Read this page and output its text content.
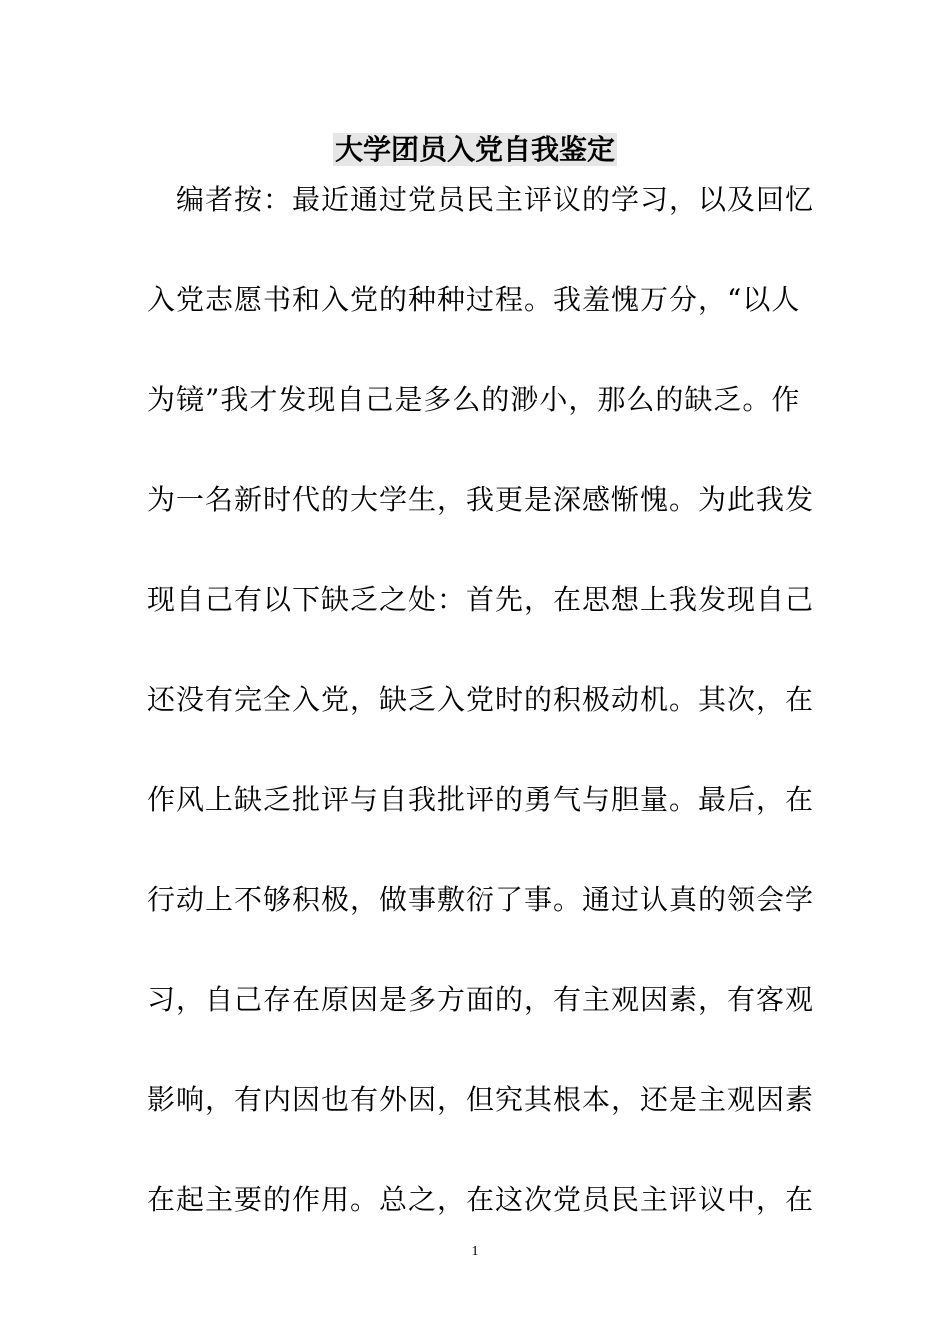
大学团员入党自我鉴定
　编者按：最近通过党员民主评议的学习，以及回忆
入党志愿书和入党的种种过程。我羞愧万分，“以人
为镜”我才发现自己是多么的渺小，那么的缺乏。作
为一名新时代的大学生，我更是深感惭愧。为此我发
现自己有以下缺乏之处：首先，在思想上我发现自己
还没有完全入党，缺乏入党时的积极动机。其次，在
作风上缺乏批评与自我批评的勇气与胆量。最后，在
行动上不够积极，做事敷衍了事。通过认真的领会学
习，自己存在原因是多方面的，有主观因素，有客观
影响，有内因也有外因，但究其根本，还是主观因素
在起主要的作用。总之，在这次党员民主评议中，在
1
